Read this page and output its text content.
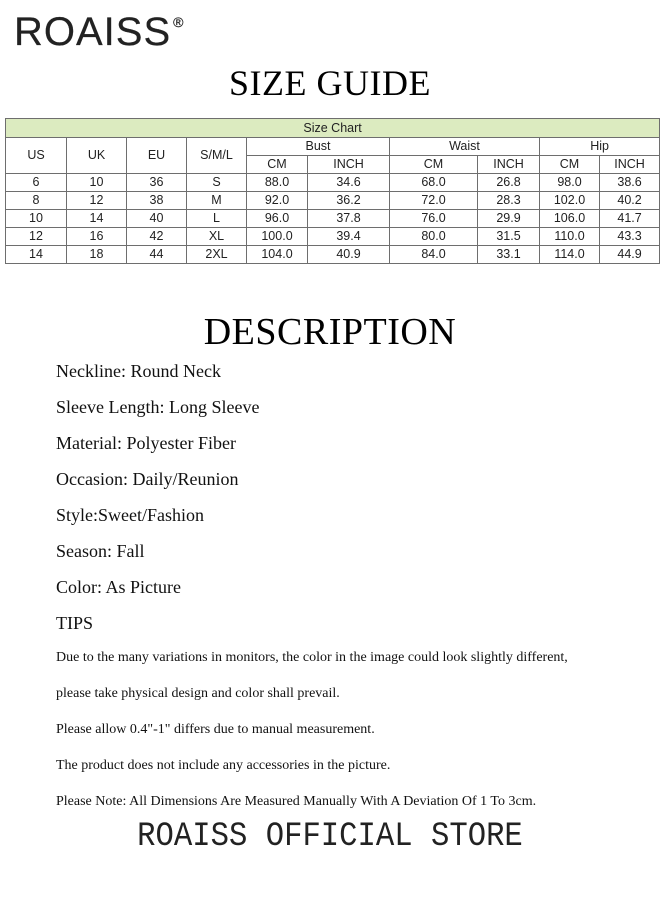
ROAISS ®
SIZE GUIDE
Size Chart									
US	UK	EU	S/M/L	Bust		Waist		Hip	
				CM	INCH	CM	INCH	CM	INCH
6	10	36	S	88.0	34.6	68.0	26.8	98.0	38.6
8	12	38	M	92.0	36.2	72.0	28.3	102.0	40.2
10	14	40	L	96.0	37.8	76.0	29.9	106.0	41.7
12	16	42	XL	100.0	39.4	80.0	31.5	110.0	43.3
14	18	44	2XL	104.0	40.9	84.0	33.1	114.0	44.9
DESCRIPTION
Neckline: Round Neck
Sleeve Length: Long Sleeve
Material: Polyester Fiber
Occasion: Daily/Reunion
Style:Sweet/Fashion
Season: Fall
Color: As Picture
TIPS
Due to the many variations in monitors, the color in the image could look slightly different,
please take physical design and color shall prevail.
Please allow 0.4"-1" differs due to manual measurement.
The product does not include any accessories in the picture.
Please Note: All Dimensions Are Measured Manually With A Deviation Of 1 To 3cm.
ROAISS OFFICIAL STORE
